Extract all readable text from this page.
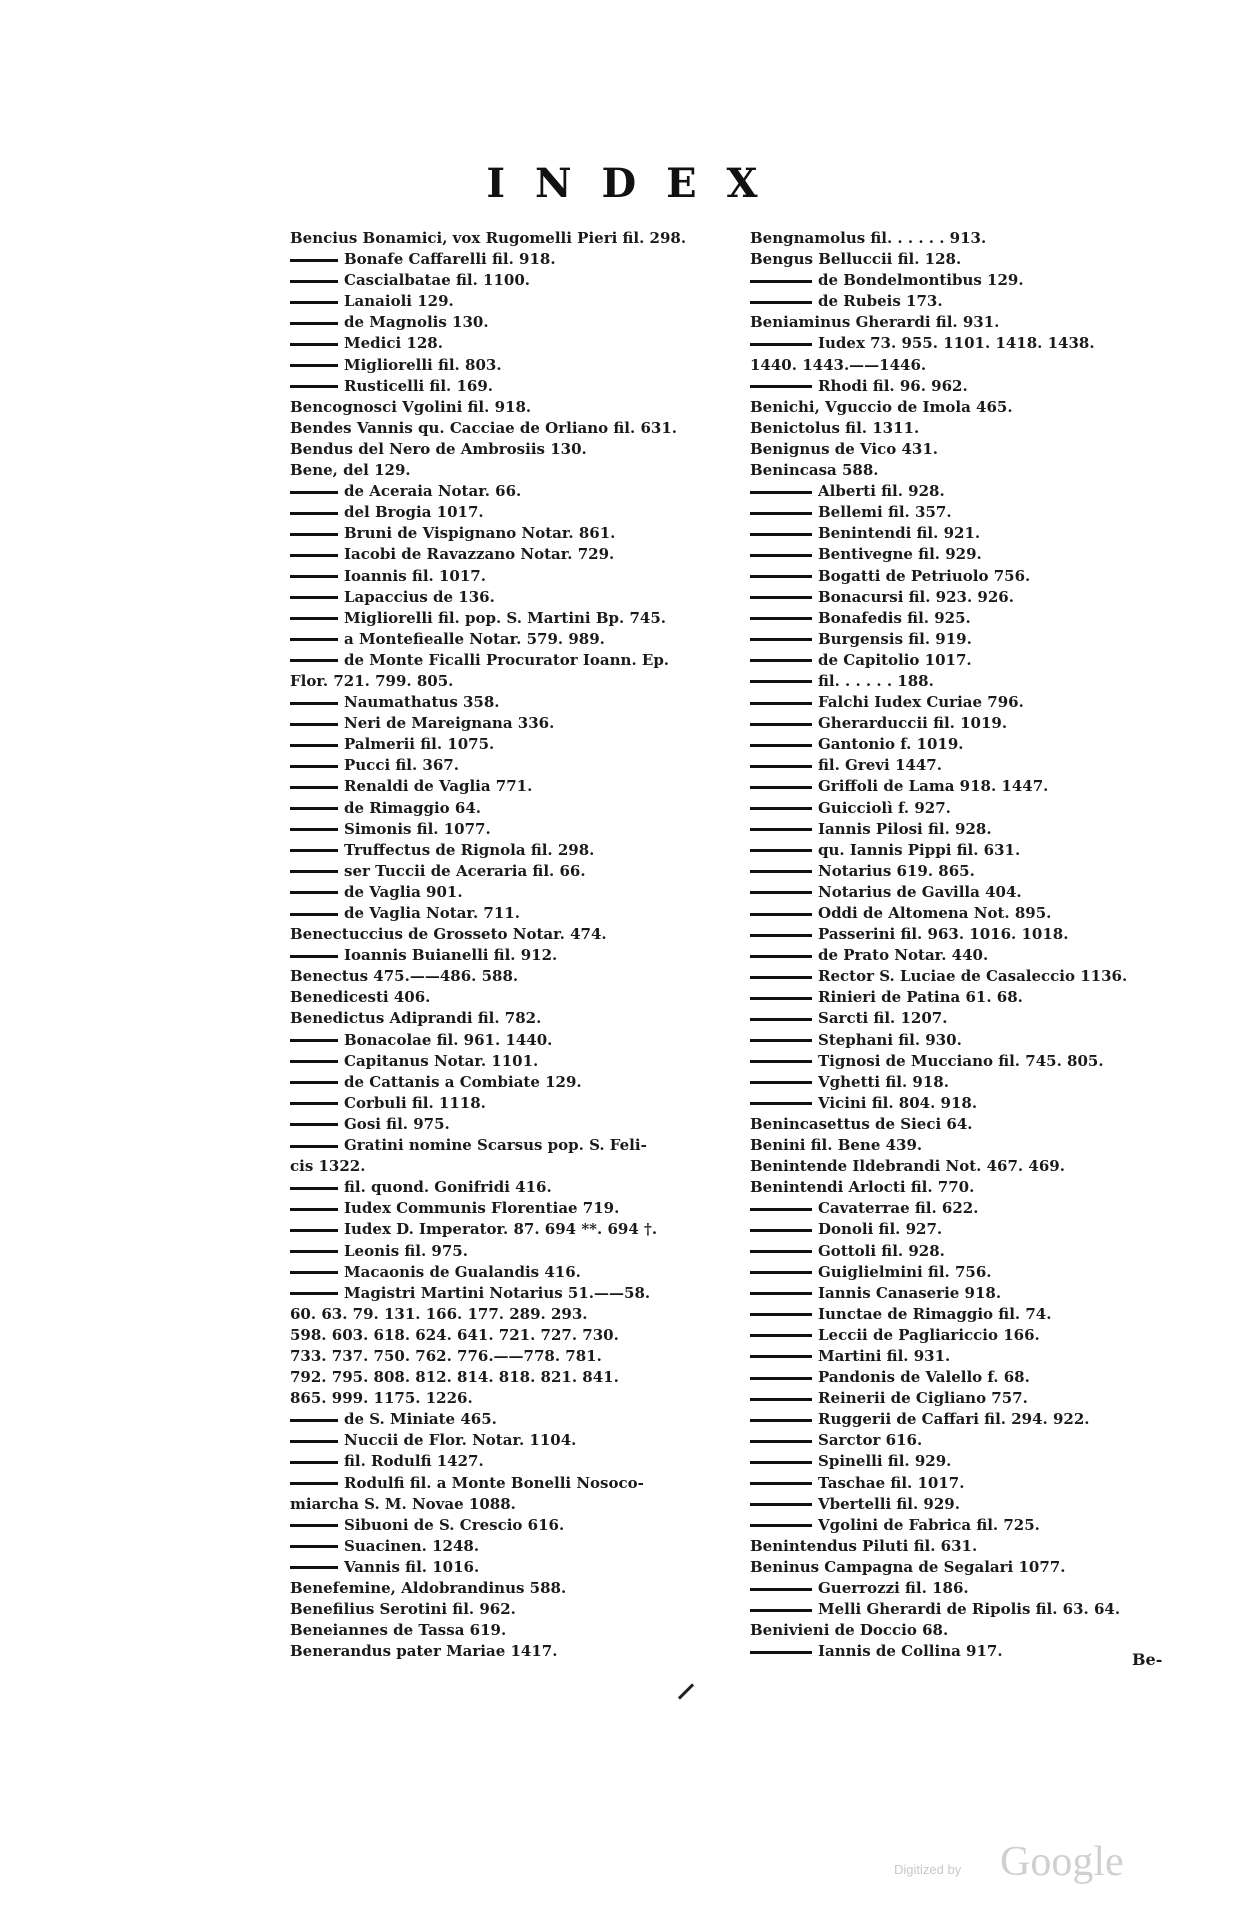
I N D E X
Bencius Bonamici, vox Rugomelli Pieri fil. 298.
Bonafe Caffarelli fil. 918.
Cascialbatae fil. 1100.
Lanaioli 129.
de Magnolis 130.
Medici 128.
Migliorelli fil. 803.
Rusticelli fil. 169.
Bencognosci Vgolini fil. 918.
Bendes Vannis qu. Cacciae de Orliano fil. 631.
Bendus del Nero de Ambrosiis 130.
Bene, del 129.
de Aceraia Notar. 66.
del Brogia 1017.
Bruni de Vispignano Notar. 861.
Iacobi de Ravazzano Notar. 729.
Ioannis fil. 1017.
Lapaccius de 136.
Migliorelli fil. pop. S. Martini Bp. 745.
a Montefiealle Notar. 579. 989.
de Monte Ficalli Procurator Ioann. Ep.
Flor. 721. 799. 805.
Naumathatus 358.
Neri de Mareignana 336.
Palmerii fil. 1075.
Pucci fil. 367.
Renaldi de Vaglia 771.
de Rimaggio 64.
Simonis fil. 1077.
Truffectus de Rignola fil. 298.
ser Tuccii de Aceraria fil. 66.
de Vaglia 901.
de Vaglia Notar. 711.
Benectuccius de Grosseto Notar. 474.
Ioannis Buianelli fil. 912.
Benectus 475.——486. 588.
Benedicesti 406.
Benedictus Adiprandi fil. 782.
Bonacolae fil. 961. 1440.
Capitanus Notar. 1101.
de Cattanis a Combiate 129.
Corbuli fil. 1118.
Gosi fil. 975.
Gratini nomine Scarsus pop. S. Feli-
cis 1322.
fil. quond. Gonifridi 416.
Iudex Communis Florentiae 719.
Iudex D. Imperator. 87. 694 **. 694 †.
Leonis fil. 975.
Macaonis de Gualandis 416.
Magistri Martini Notarius 51.——58.
60. 63. 79. 131. 166. 177. 289. 293.
598. 603. 618. 624. 641. 721. 727. 730.
733. 737. 750. 762. 776.——778. 781.
792. 795. 808. 812. 814. 818. 821. 841.
865. 999. 1175. 1226.
de S. Miniate 465.
Nuccii de Flor. Notar. 1104.
fil. Rodulfi 1427.
Rodulfi fil. a Monte Bonelli Nosoco-
miarcha S. M. Novae 1088.
Sibuoni de S. Crescio 616.
Suacinen. 1248.
Vannis fil. 1016.
Benefemine, Aldobrandinus 588.
Benefilius Serotini fil. 962.
Beneiannes de Tassa 619.
Benerandus pater Mariae 1417.
Bengnamolus fil. . . . . . 913.
Bengus Belluccii fil. 128.
de Bondelmontibus 129.
de Rubeis 173.
Beniaminus Gherardi fil. 931.
Iudex 73. 955. 1101. 1418. 1438.
1440. 1443.——1446.
Rhodi fil. 96. 962.
Benichi, Vguccio de Imola 465.
Benictolus fil. 1311.
Benignus de Vico 431.
Benincasa 588.
Alberti fil. 928.
Bellemi fil. 357.
Benintendi fil. 921.
Bentivegne fil. 929.
Bogatti de Petriuolo 756.
Bonacursi fil. 923. 926.
Bonafedis fil. 925.
Burgensis fil. 919.
de Capitolio 1017.
fil. . . . . . 188.
Falchi Iudex Curiae 796.
Gherarduccii fil. 1019.
Gantonio f. 1019.
fil. Grevi 1447.
Griffoli de Lama 918. 1447.
Guicciolì f. 927.
Iannis Pilosi fil. 928.
qu. Iannis Pippi fil. 631.
Notarius 619. 865.
Notarius de Gavilla 404.
Oddi de Altomena Not. 895.
Passerini fil. 963. 1016. 1018.
de Prato Notar. 440.
Rector S. Luciae de Casaleccio 1136.
Rinieri de Patina 61. 68.
Sarcti fil. 1207.
Stephani fil. 930.
Tignosi de Mucciano fil. 745. 805.
Vghetti fil. 918.
Vicini fil. 804. 918.
Benincasettus de Sieci 64.
Benini fil. Bene 439.
Benintende Ildebrandi Not. 467. 469.
Benintendi Arlocti fil. 770.
Cavaterrae fil. 622.
Donoli fil. 927.
Gottoli fil. 928.
Guiglielmini fil. 756.
Iannis Canaserie 918.
Iunctae de Rimaggio fil. 74.
Leccii de Pagliariccio 166.
Martini fil. 931.
Pandonis de Valello f. 68.
Reinerii de Cigliano 757.
Ruggerii de Caffari fil. 294. 922.
Sarctor 616.
Spinelli fil. 929.
Taschae fil. 1017.
Vbertelli fil. 929.
Vgolini de Fabrica fil. 725.
Benintendus Piluti fil. 631.
Beninus Campagna de Segalari 1077.
Guerrozzi fil. 186.
Melli Gherardi de Ripolis fil. 63. 64.
Benivieni de Doccio 68.
Iannis de Collina 917.	Be-
Digitized by Google
